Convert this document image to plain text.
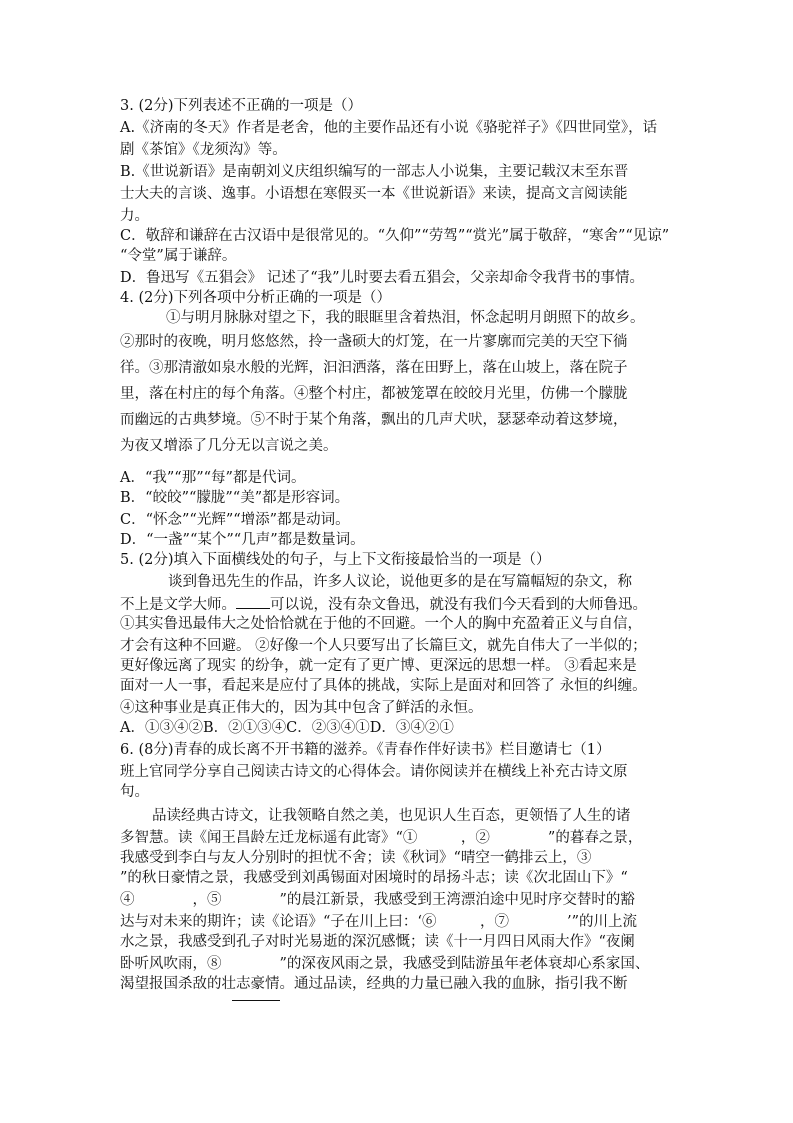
3. (2分)下列表述不正确的一项是（）
A.《济南的冬天》作者是老舍，他的主要作品还有小说《骆驼祥子》《四世同堂》，话
剧《茶馆》《龙须沟》等。
B.《世说新语》是南朝刘义庆组织编写的一部志人小说集，主要记载汉末至东晋
士大夫的言谈、逸事。小语想在寒假买一本《世说新语》来读，提高文言阅读能
力。
C．敬辞和谦辞在古汉语中是很常见的。“久仰”“劳驾”“赏光”属于敬辞，“寒舍”“见谅”
“令堂”属于谦辞。
D．鲁迅写《五猖会》 记述了“我”儿时要去看五猖会，父亲却命令我背书的事情。
4. (2分)下列各项中分析正确的一项是（）
①与明月脉脉对望之下，我的眼眶里含着热泪，怀念起明月朗照下的故乡。
②那时的夜晚，明月悠悠然，拎一盏硕大的灯笼，在一片寥廓而完美的天空下徜
徉。③那清澈如泉水般的光辉，汩汩洒落，落在田野上，落在山坡上，落在院子
里，落在村庄的每个角落。④整个村庄，都被笼罩在皎皎月光里，仿佛一个朦胧
而幽远的古典梦境。⑤不时于某个角落，飘出的几声犬吠，瑟瑟牵动着这梦境，
为夜又增添了几分无以言说之美。
A．“我”“那”“每”都是代词。
B．“皎皎”“朦胧”“美”都是形容词。
C．“怀念”“光辉”“增添”都是动词。
D．“一盏”“某个”“几声”都是数量词。
5. (2分)填入下面横线处的句子，与上下文衔接最恰当的一项是（）
谈到鲁迅先生的作品，许多人议论，说他更多的是在写篇幅短的杂文，称
不上是文学大师。 可以说，没有杂文鲁迅，就没有我们今天看到的大师鲁迅。
①其实鲁迅最伟大之处恰恰就在于他的不回避。一个人的胸中充盈着正义与自信，
才会有这种不回避。 ②好像一个人只要写出了长篇巨文，就先自伟大了一半似的；
更好像远离了现实 的纷争，就一定有了更广博、更深远的思想一样。 ③看起来是
面对一人一事，看起来是应付了具体的挑战，实际上是面对和回答了 永恒的纠缠。
④这种事业是真正伟大的，因为其中包含了鲜活的永恒。
A．①③④②B．②①③④C．②③④①D．③④②①
6. (8分)青春的成长离不开书籍的滋养。《青春作伴好读书》栏目邀请七（1）
班上官同学分享自己阅读古诗文的心得体会。请你阅读并在横线上补充古诗文原
句。
品读经典古诗文，让我领略自然之美，也见识人生百态，更领悟了人生的诸
多智慧。读《闻王昌龄左迁龙标遥有此寄》“①　　　，②　　　　”的暮春之景，
我感受到李白与友人分别时的担忧不舍；读《秋词》“晴空一鹤排云上，③
”的秋日豪情之景，我感受到刘禹锡面对困境时的昂扬斗志；读《次北固山下》“
④　　　　，⑤　　　　”的晨江新景，我感受到王湾漂泊途中见时序交替时的豁
达与对未来的期许；读《论语》“子在川上曰：‘⑥　　　，⑦　　　　’”的川上流
水之景，我感受到孔子对时光易逝的深沉感慨；读《十一月四日风雨大作》“夜阑
卧听风吹雨，⑧　　　　”的深夜风雨之景，我感受到陆游虽年老体衰却心系家国、
渴望报国杀敌的壮志豪情。通过品读，经典的力量已融入我的血脉，指引我不断
